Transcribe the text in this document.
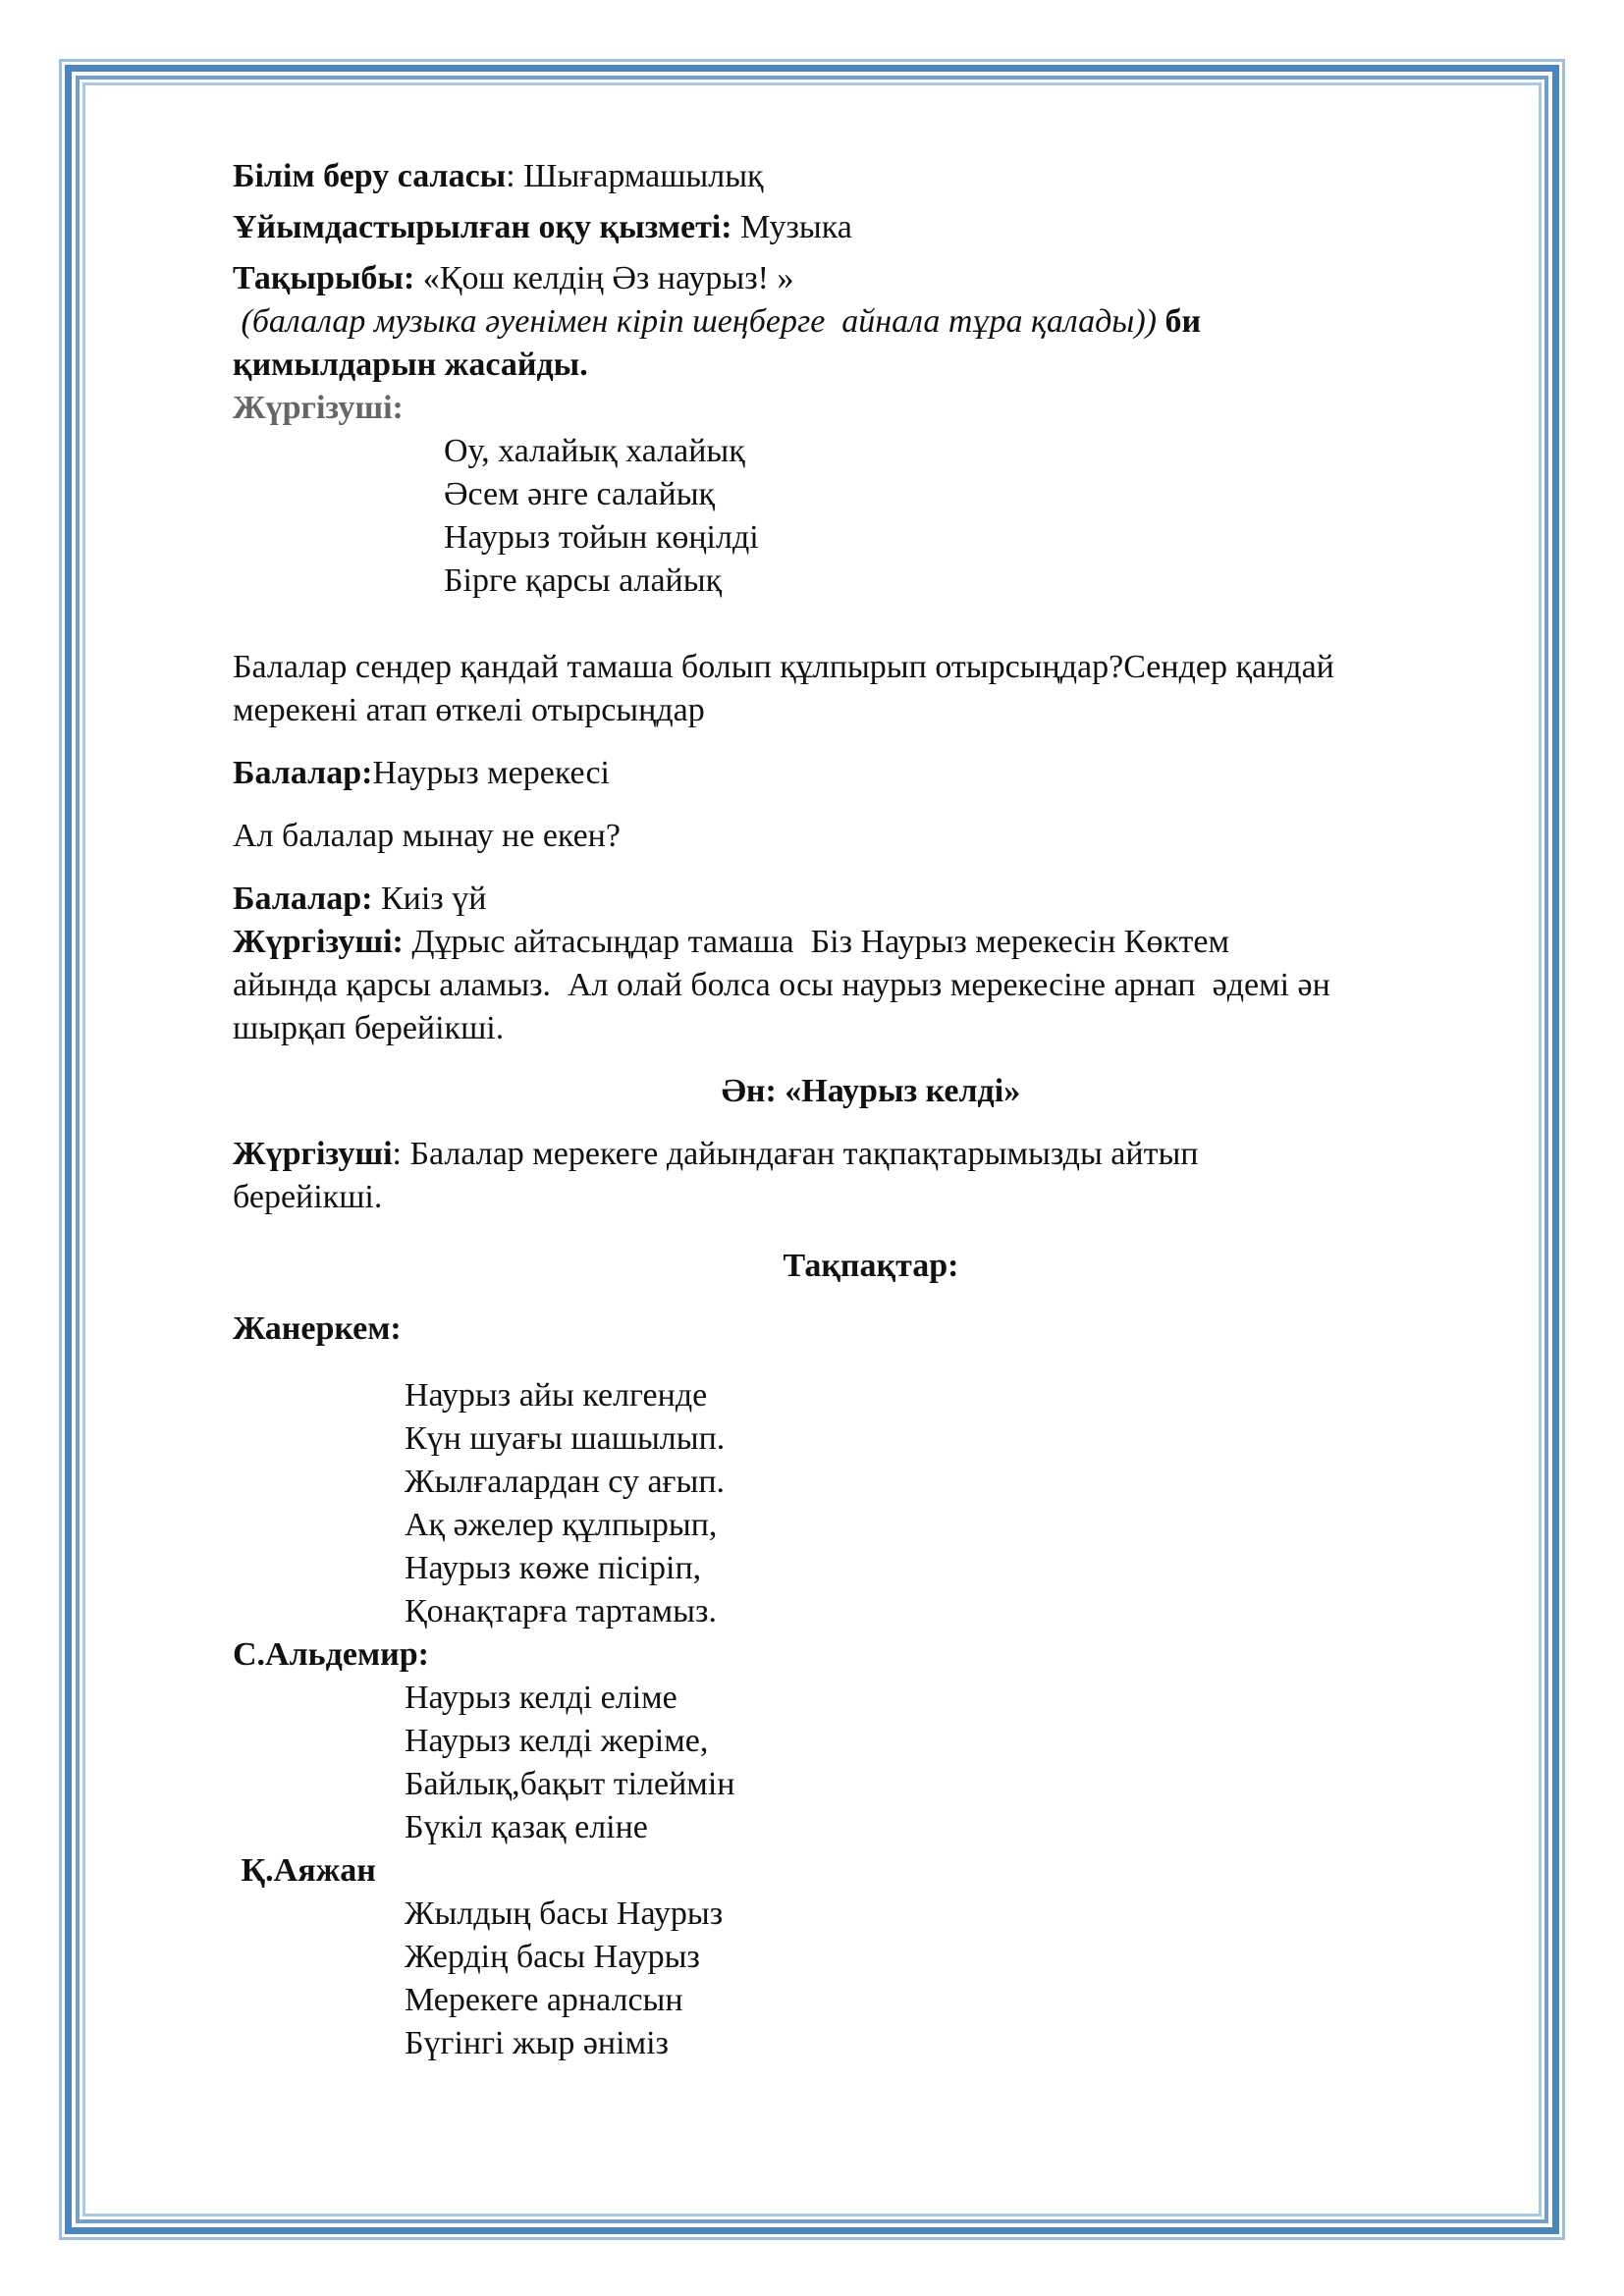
Білім беру саласы: Шығармашылық
Ұйымдастырылған оқу қызметі: Музыка
Тақырыбы: «Қош келдің Әз наурыз! »
(балалар музыка әуенімен кіріп шеңберге  айнала тұра қалады)) би
қимылдарын жасайды.
Жүргізуші:
Оу, халайық халайық
Әсем әнге салайық
Наурыз тойын көңілді
Бірге қарсы алайық
Балалар сендер қандай тамаша болып құлпырып отырсыңдар?Сендер қандай
мерекені атап өткелі отырсыңдар
Балалар:Наурыз мерекесі
Ал балалар мынау не екен?
Балалар: Киіз үй
Жүргізуші: Дұрыс айтасыңдар тамаша  Біз Наурыз мерекесін Көктем
айында қарсы аламыз.  Ал олай болса осы наурыз мерекесіне арнап  әдемі ән
шырқап берейікші.
Ән: «Наурыз келді»
Жүргізуші: Балалар мерекеге дайындаған тақпақтарымызды айтып
берейікші.
Тақпақтар:
Жанеркем:
Наурыз айы келгенде
Күн шуағы шашылып.
Жылғалардан су ағып.
Ақ әжелер құлпырып,
Наурыз көже пісіріп,
Қонақтарға тартамыз.
С.Альдемир:
Наурыз келді еліме
Наурыз келді жеріме,
Байлық,бақыт тілеймін
Бүкіл қазақ еліне
Қ.Аяжан
Жылдың басы Наурыз
Жердің басы Наурыз
Мерекеге арналсын
Бүгінгі жыр әніміз
